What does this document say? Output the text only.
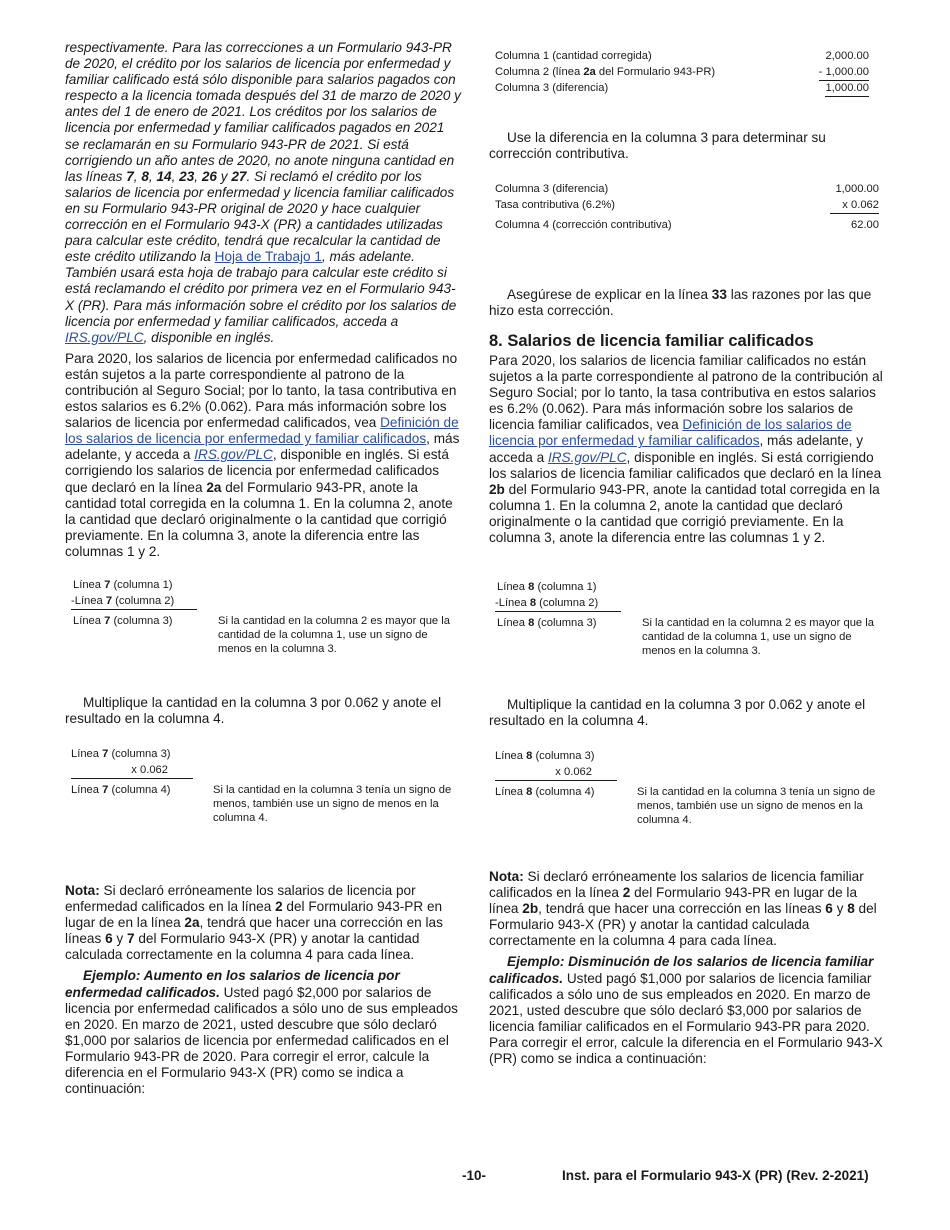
respectivamente. Para las correcciones a un Formulario 943-PR de 2020, el crédito por los salarios de licencia por enfermedad y familiar calificado está sólo disponible para salarios pagados con respecto a la licencia tomada después del 31 de marzo de 2020 y antes del 1 de enero de 2021. Los créditos por los salarios de licencia por enfermedad y familiar calificados pagados en 2021 se reclamarán en su Formulario 943-PR de 2021. Si está corrigiendo un año antes de 2020, no anote ninguna cantidad en las líneas 7, 8, 14, 23, 26 y 27. Si reclamó el crédito por los salarios de licencia por enfermedad y licencia familiar calificados en su Formulario 943-PR original de 2020 y hace cualquier corrección en el Formulario 943-X (PR) a cantidades utilizadas para calcular este crédito, tendrá que recalcular la cantidad de este crédito utilizando la Hoja de Trabajo 1, más adelante. También usará esta hoja de trabajo para calcular este crédito si está reclamando el crédito por primera vez en el Formulario 943-X (PR). Para más información sobre el crédito por los salarios de licencia por enfermedad y familiar calificados, acceda a IRS.gov/PLC, disponible en inglés.

Para 2020, los salarios de licencia por enfermedad calificados no están sujetos a la parte correspondiente al patrono de la contribución al Seguro Social; por lo tanto, la tasa contributiva en estos salarios es 6.2% (0.062). Para más información sobre los salarios de licencia por enfermedad calificados, vea Definición de los salarios de licencia por enfermedad y familiar calificados, más adelante, y acceda a IRS.gov/PLC, disponible en inglés. Si está corrigiendo los salarios de licencia por enfermedad calificados que declaró en la línea 2a del Formulario 943-PR, anote la cantidad total corregida en la columna 1. En la columna 2, anote la cantidad que declaró originalmente o la cantidad que corrigió previamente. En la columna 3, anote la diferencia entre las columnas 1 y 2.

Línea 7 (columna 1)
-Línea 7 (columna 2)
Línea 7 (columna 3)	Si la cantidad en la columna 2 es mayor que la cantidad de la columna 1, use un signo de menos en la columna 3.

Multiplique la cantidad en la columna 3 por 0.062 y anote el resultado en la columna 4.

Línea 7 (columna 3)
x 0.062
Línea 7 (columna 4)	Si la cantidad en la columna 3 tenía un signo de menos, también use un signo de menos en la columna 4.

Nota: Si declaró erróneamente los salarios de licencia por enfermedad calificados en la línea 2 del Formulario 943-PR en lugar de en la línea 2a, tendrá que hacer una corrección en las líneas 6 y 7 del Formulario 943-X (PR) y anotar la cantidad calculada correctamente en la columna 4 para cada línea.

Ejemplo: Aumento en los salarios de licencia por enfermedad calificados. Usted pagó $2,000 por salarios de licencia por enfermedad calificados a sólo uno de sus empleados en 2020. En marzo de 2021, usted descubre que sólo declaró $1,000 por salarios de licencia por enfermedad calificados en el Formulario 943-PR de 2020. Para corregir el error, calcule la diferencia en el Formulario 943-X (PR) como se indica a continuación:

Columna 1 (cantidad corregida)	2,000.00
Columna 2 (línea 2a del Formulario 943-PR)	- 1,000.00
Columna 3 (diferencia)	1,000.00

Use la diferencia en la columna 3 para determinar su corrección contributiva.

Columna 3 (diferencia)	1,000.00
Tasa contributiva (6.2%)	x 0.062
Columna 4 (corrección contributiva)	62.00

Asegúrese de explicar en la línea 33 las razones por las que hizo esta corrección.

8. Salarios de licencia familiar calificados

Para 2020, los salarios de licencia familiar calificados no están sujetos a la parte correspondiente al patrono de la contribución al Seguro Social; por lo tanto, la tasa contributiva en estos salarios es 6.2% (0.062). Para más información sobre los salarios de licencia familiar calificados, vea Definición de los salarios de licencia por enfermedad y familiar calificados, más adelante, y acceda a IRS.gov/PLC, disponible en inglés. Si está corrigiendo los salarios de licencia familiar calificados que declaró en la línea 2b del Formulario 943-PR, anote la cantidad total corregida en la columna 1. En la columna 2, anote la cantidad que declaró originalmente o la cantidad que corrigió previamente. En la columna 3, anote la diferencia entre las columnas 1 y 2.

Línea 8 (columna 1)
-Línea 8 (columna 2)
Línea 8 (columna 3)	Si la cantidad en la columna 2 es mayor que la cantidad de la columna 1, use un signo de menos en la columna 3.

Multiplique la cantidad en la columna 3 por 0.062 y anote el resultado en la columna 4.

Línea 8 (columna 3)
x 0.062
Línea 8 (columna 4)	Si la cantidad en la columna 3 tenía un signo de menos, también use un signo de menos en la columna 4.

Nota: Si declaró erróneamente los salarios de licencia familiar calificados en la línea 2 del Formulario 943-PR en lugar de la línea 2b, tendrá que hacer una corrección en las líneas 6 y 8 del Formulario 943-X (PR) y anotar la cantidad calculada correctamente en la columna 4 para cada línea.

Ejemplo: Disminución de los salarios de licencia familiar calificados. Usted pagó $1,000 por salarios de licencia familiar calificados a sólo uno de sus empleados en 2020. En marzo de 2021, usted descubre que sólo declaró $3,000 por salarios de licencia familiar calificados en el Formulario 943-PR para 2020. Para corregir el error, calcule la diferencia en el Formulario 943-X (PR) como se indica a continuación:

-10-	Inst. para el Formulario 943-X (PR) (Rev. 2-2021)
